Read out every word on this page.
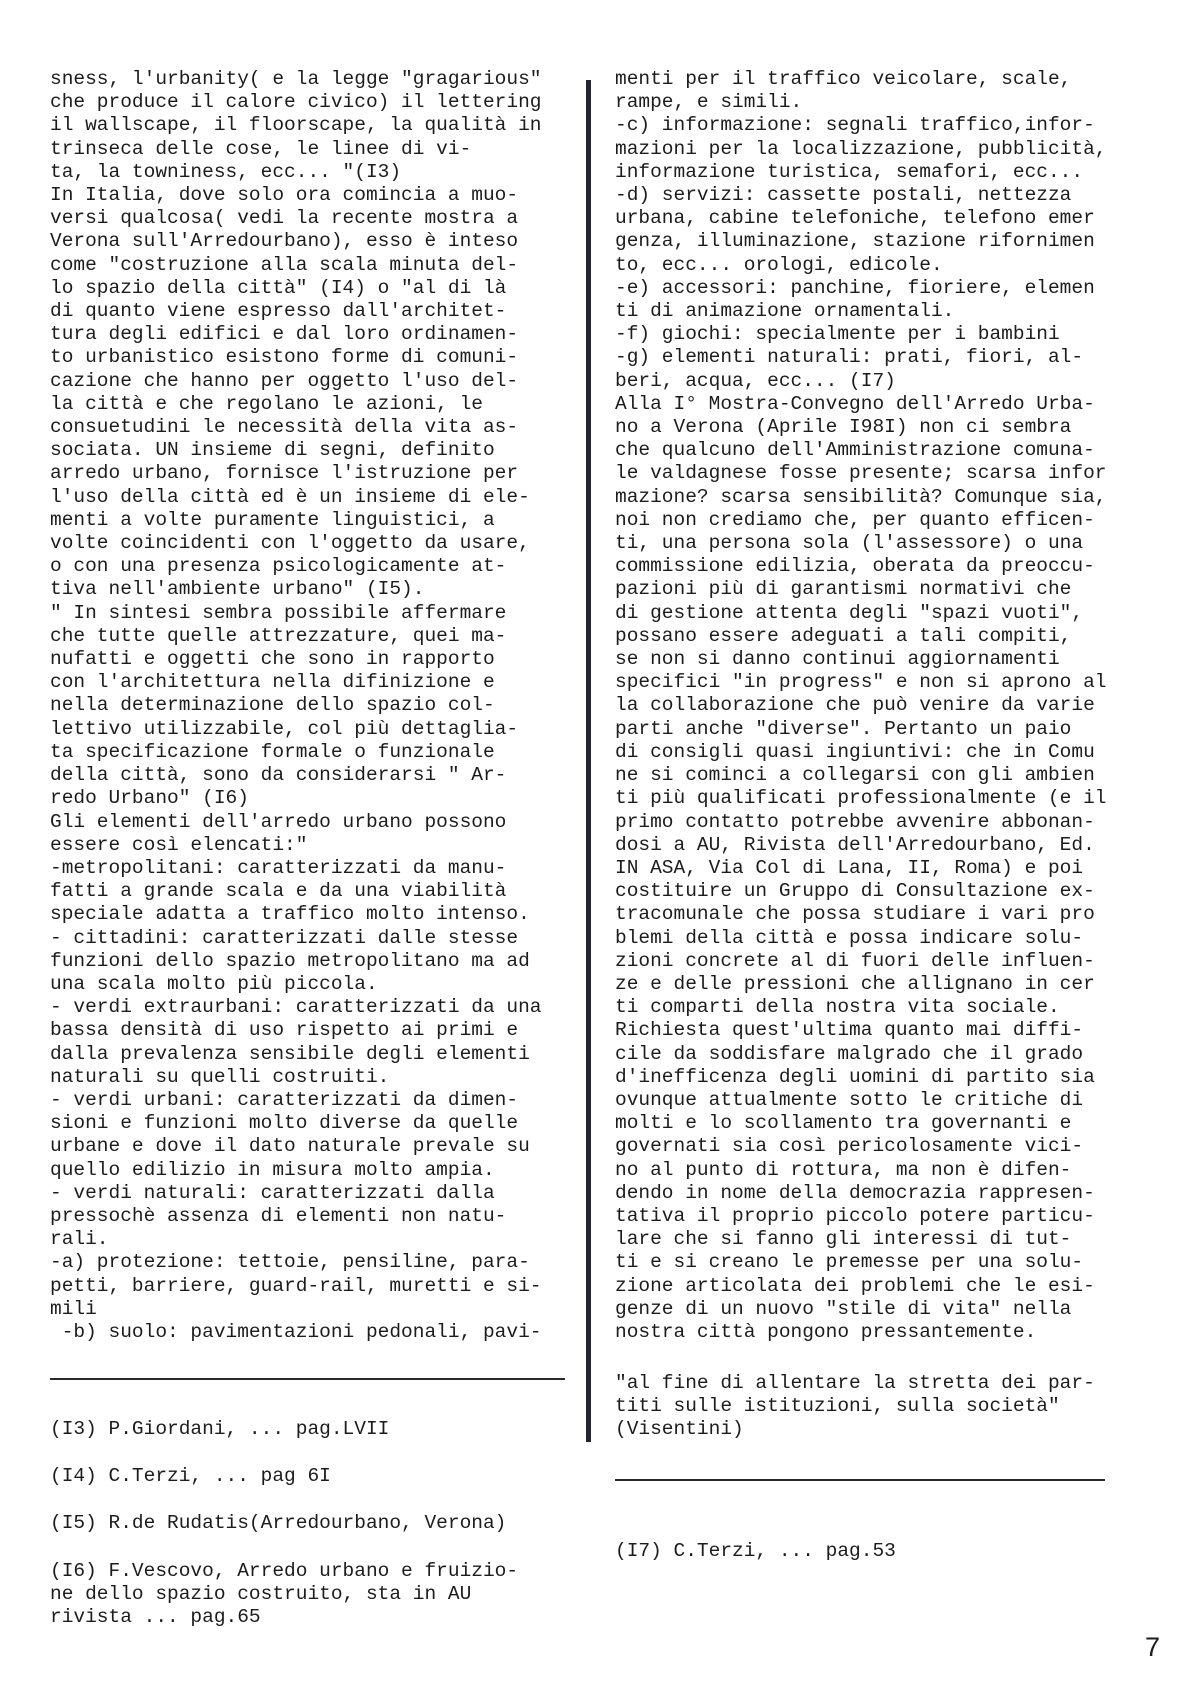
sness, l'urbanity( e la legge "gragarious"
che produce il calore civico) il lettering
il wallscape, il floorscape, la qualità in
trinseca delle cose, le linee di vi-
ta, la towniness, ecc... "(I3)
In Italia, dove solo ora comincia a muo-
versi qualcosa( vedi la recente mostra a
Verona sull'Arredourbano), esso è inteso
come "costruzione alla scala minuta del-
lo spazio della città" (I4) o "al di là
di quanto viene espresso dall'architet-
tura degli edifici e dal loro ordinamen-
to urbanistico esistono forme di comuni-
cazione che hanno per oggetto l'uso del-
la città e che regolano le azioni, le
consuetudini le necessità della vita as-
sociata. UN insieme di segni, definito
arredo urbano, fornisce l'istruzione per
l'uso della città ed è un insieme di ele-
menti a volte puramente linguistici, a
volte coincidenti con l'oggetto da usare,
o con una presenza psicologicamente at-
tiva nell'ambiente urbano" (I5).
" In sintesi sembra possibile affermare
che tutte quelle attrezzature, quei ma-
nufatti e oggetti che sono in rapporto
con l'architettura nella difinizione e
nella determinazione dello spazio col-
lettivo utilizzabile, col più dettaglia-
ta specificazione formale o funzionale
della città, sono da considerarsi " Ar-
redo Urbano" (I6)
Gli elementi dell'arredo urbano possono
essere così elencati:"
-metropolitani: caratterizzati da manu-
fatti a grande scala e da una viabilità
speciale adatta a traffico molto intenso.
- cittadini: caratterizzati dalle stesse
funzioni dello spazio metropolitano ma ad
una scala molto più piccola.
- verdi extraurbani: caratterizzati da una
bassa densità di uso rispetto ai primi e
dalla prevalenza sensibile degli elementi
naturali su quelli costruiti.
- verdi urbani: caratterizzati da dimen-
sioni e funzioni molto diverse da quelle
urbane e dove il dato naturale prevale su
quello edilizio in misura molto ampia.
- verdi naturali: caratterizzati dalla
pressochè assenza di elementi non natu-
rali.
-a) protezione: tettoie, pensiline, para-
petti, barriere, guard-rail, muretti e si-
mili
-b) suolo: pavimentazioni pedonali, pavi-
menti per il traffico veicolare, scale,
rampe, e simili.
-c) informazione: segnali traffico,infor-
mazioni per la localizzazione, pubblicità,
informazione turistica, semafori, ecc...
-d) servizi: cassette postali, nettezza
urbana, cabine telefoniche, telefono emer
genza, illuminazione, stazione rifornimen
to, ecc... orologi, edicole.
-e) accessori: panchine, fioriere, elemen
ti di animazione ornamentali.
-f) giochi: specialmente per i bambini
-g) elementi naturali: prati, fiori, al-
beri, acqua, ecc... (I7)
Alla I° Mostra-Convegno dell'Arredo Urba-
no a Verona (Aprile I98I) non ci sembra
che qualcuno dell'Amministrazione comuna-
le valdagnese fosse presente; scarsa infor
mazione? scarsa sensibilità? Comunque sia,
noi non crediamo che, per quanto efficen-
ti, una persona sola (l'assessore) o una
commissione edilizia, oberata da preoccu-
pazioni più di garantismi normativi che
di gestione attenta degli "spazi vuoti",
possano essere adeguati a tali compiti,
se non si danno continui aggiornamenti
specifici "in progress" e non si aprono al
la collaborazione che può venire da varie
parti anche "diverse". Pertanto un paio
di consigli quasi ingiuntivi: che in Comu
ne si cominci a collegarsi con gli ambien
ti più qualificati professionalmente (e il
primo contatto potrebbe avvenire abbonan-
dosi a AU, Rivista dell'Arredourbano, Ed.
IN ASA, Via Col di Lana, II, Roma) e poi
costituire un Gruppo di Consultazione ex-
tracomunale che possa studiare i vari pro
blemi della città e possa indicare solu-
zioni concrete al di fuori delle influen-
ze e delle pressioni che allignano in cer
ti comparti della nostra vita sociale.
Richiesta quest'ultima quanto mai diffi-
cile da soddisfare malgrado che il grado
d'inefficenza degli uomini di partito sia
ovunque attualmente sotto le critiche di
molti e lo scollamento tra governanti e
governati sia così pericolosamente vici-
no al punto di rottura, ma non è difen-
dendo in nome della democrazia rappresen-
tativa il proprio piccolo potere particu-
lare che si fanno gli interessi di tut-
ti e si creano le premesse per una solu-
zione articolata dei problemi che le esi-
genze di un nuovo "stile di vita" nella
nostra città pongono pressantemente.
(I3) P.Giordani, ... pag.LVII
(I4) C.Terzi, ... pag 6I
(I5) R.de Rudatis(Arredourbano, Verona)
(I6) F.Vescovo, Arredo urbano e fruizio-
ne dello spazio costruito, sta in AU
rivista ... pag.65
"al fine di allentare la stretta dei par-
titi sulle istituzioni, sulla società"
(Visentini)
(I7) C.Terzi, ... pag.53
7
